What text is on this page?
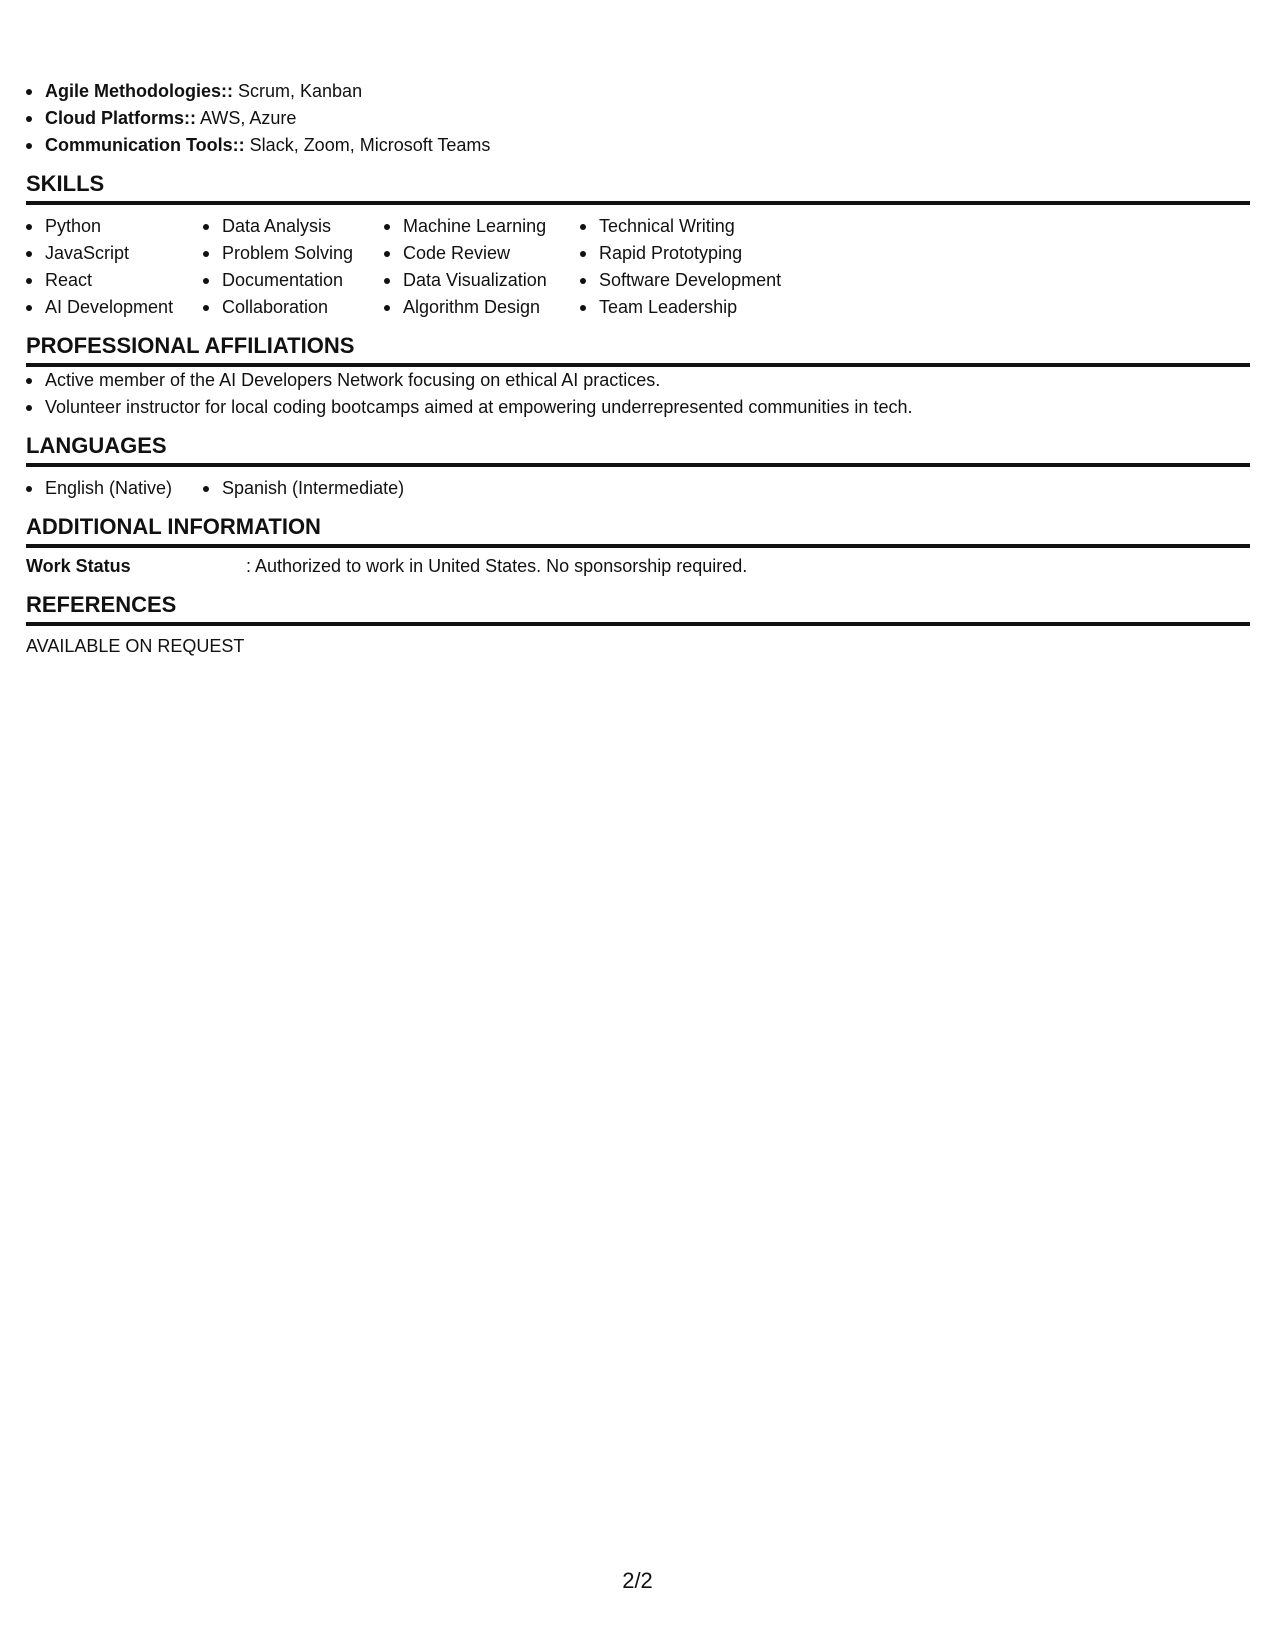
Agile Methodologies:: Scrum, Kanban
Cloud Platforms:: AWS, Azure
Communication Tools:: Slack, Zoom, Microsoft Teams
SKILLS
Python
JavaScript
React
AI Development
Data Analysis
Problem Solving
Documentation
Collaboration
Machine Learning
Code Review
Data Visualization
Algorithm Design
Technical Writing
Rapid Prototyping
Software Development
Team Leadership
PROFESSIONAL AFFILIATIONS
Active member of the AI Developers Network focusing on ethical AI practices.
Volunteer instructor for local coding bootcamps aimed at empowering underrepresented communities in tech.
LANGUAGES
English (Native)	Spanish (Intermediate)
ADDITIONAL INFORMATION
Work Status	: Authorized to work in United States. No sponsorship required.
REFERENCES
AVAILABLE ON REQUEST
2/2
